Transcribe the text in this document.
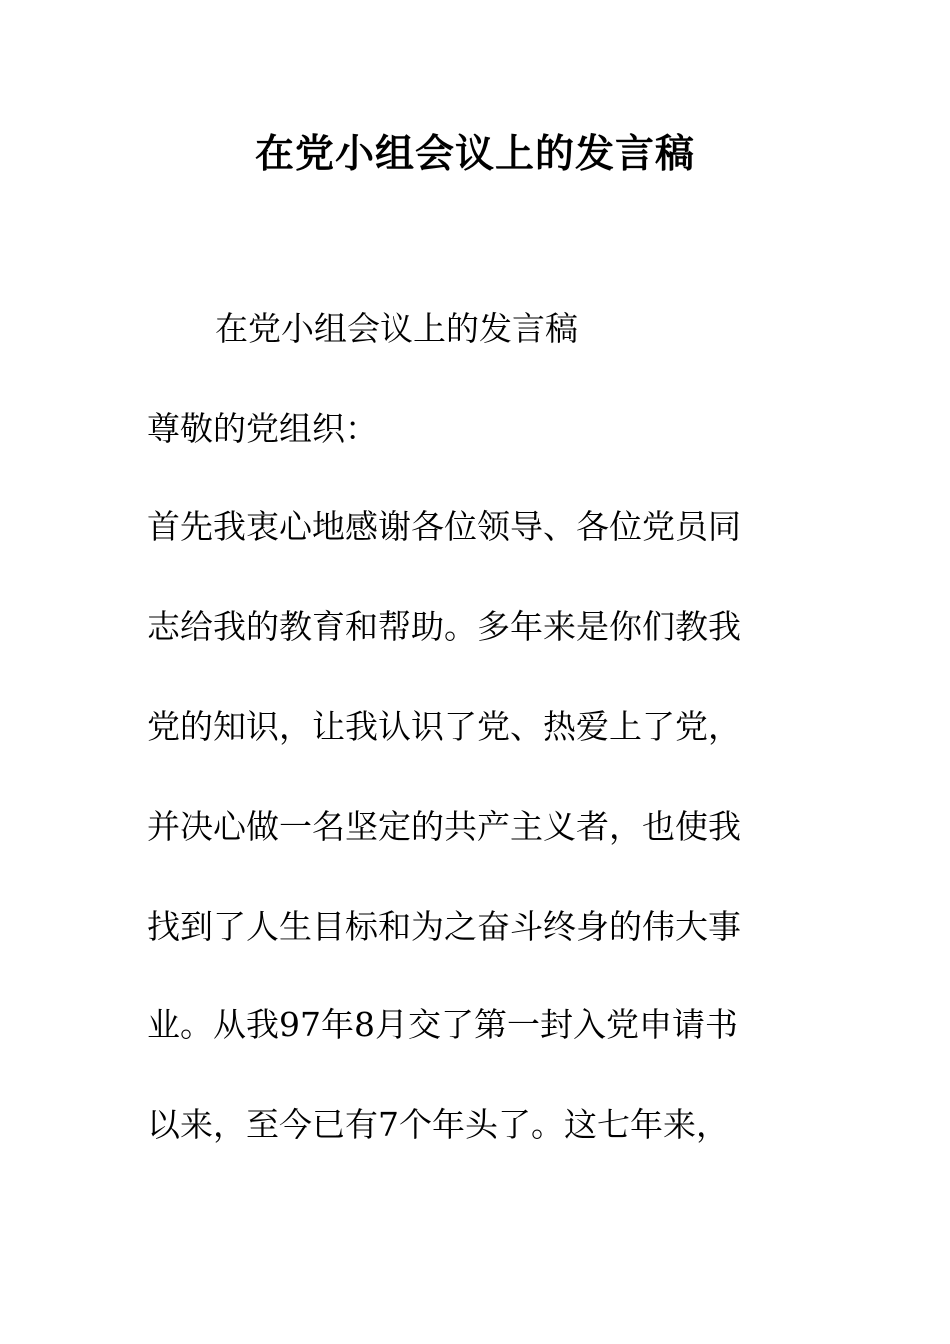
在党小组会议上的发言稿
在党小组会议上的发言稿
尊敬的党组织：
首先我衷心地感谢各位领导、各位党员同
志给我的教育和帮助。多年来是你们教我
党的知识，让我认识了党、热爱上了党，
并决心做一名坚定的共产主义者，也使我
找到了人生目标和为之奋斗终身的伟大事
业。从我97年8月交了第一封入党申请书
以来，至今已有7个年头了。这七年来，
